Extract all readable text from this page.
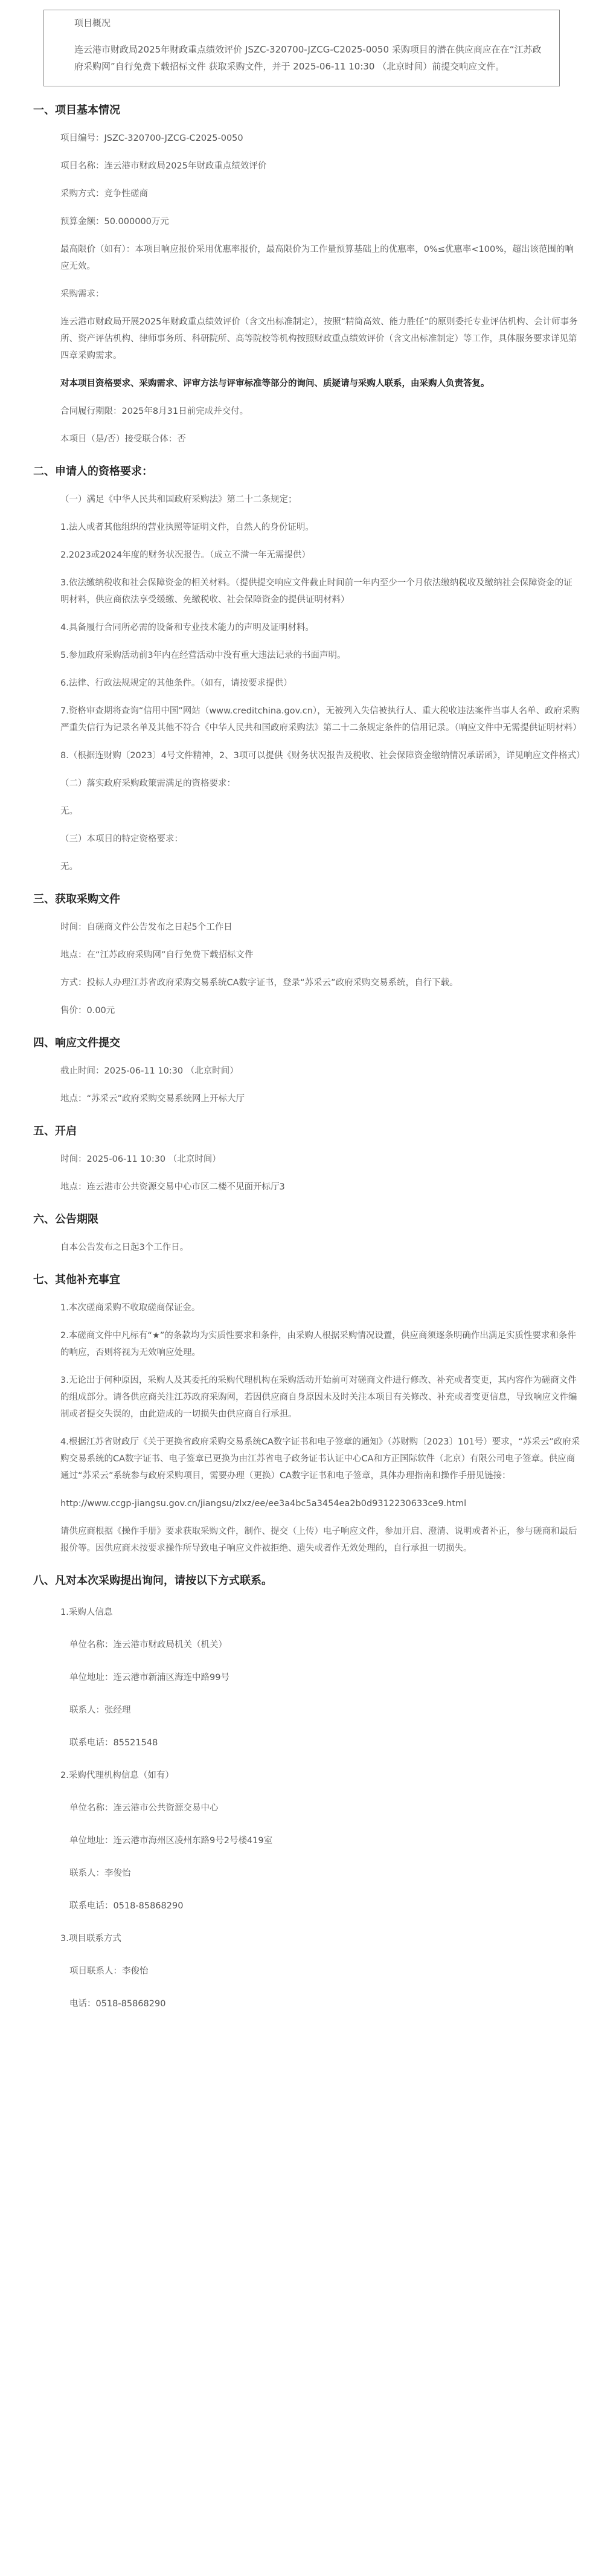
项目概况

连云港市财政局2025年财政重点绩效评价 JSZC-320700-JZCG-C2025-0050 采购项目的潜在供应商应在在“江苏政府采购网”自行免费下载招标文件 获取采购文件，并于 2025-06-11 10:30 （北京时间）前提交响应文件。

一、项目基本情况

项目编号：JSZC-320700-JZCG-C2025-0050

项目名称：连云港市财政局2025年财政重点绩效评价

采购方式：竞争性磋商

预算金额：50.000000万元

最高限价（如有）：本项目响应报价采用优惠率报价，最高限价为工作量预算基础上的优惠率，0%≤优惠率<100%，超出该范围的响应无效。

采购需求：

连云港市财政局开展2025年财政重点绩效评价（含文出标准制定），按照“精简高效、能力胜任”的原则委托专业评估机构、会计师事务所、资产评估机构、律师事务所、科研院所、高等院校等机构按照财政重点绩效评价（含文出标准制定）等工作，具体服务要求详见第四章采购需求。

对本项目资格要求、采购需求、评审方法与评审标准等部分的询问、质疑请与采购人联系，由采购人负责答复。

合同履行期限：2025年8月31日前完成并交付。

本项目（是/否）接受联合体：否

二、申请人的资格要求：

（一）满足《中华人民共和国政府采购法》第二十二条规定；

1.法人或者其他组织的营业执照等证明文件，自然人的身份证明。

2.2023或2024年度的财务状况报告。（成立不满一年无需提供）

3.依法缴纳税收和社会保障资金的相关材料。（提供提交响应文件截止时间前一年内至少一个月依法缴纳税收及缴纳社会保障资金的证明材料，供应商依法享受缓缴、免缴税收、社会保障资金的提供证明材料）

4.具备履行合同所必需的设备和专业技术能力的声明及证明材料。

5.参加政府采购活动前3年内在经营活动中没有重大违法记录的书面声明。

6.法律、行政法规规定的其他条件。（如有，请按要求提供）

7.资格审查期将查询“信用中国”网站（www.creditchina.gov.cn），无被列入失信被执行人、重大税收违法案件当事人名单、政府采购严重失信行为记录名单及其他不符合《中华人民共和国政府采购法》第二十二条规定条件的信用记录。（响应文件中无需提供证明材料）

8.（根据连财购〔2023〕4号文件精神，2、3项可以提供《财务状况报告及税收、社会保障资金缴纳情况承诺函》，详见响应文件格式）

（二）落实政府采购政策需满足的资格要求：

无。

（三）本项目的特定资格要求：

无。

三、获取采购文件

时间：自磋商文件公告发布之日起5个工作日

地点：在“江苏政府采购网”自行免费下载招标文件

方式：投标人办理江苏省政府采购交易系统CA数字证书，登录“苏采云”政府采购交易系统，自行下载。

售价：0.00元

四、响应文件提交

截止时间：2025-06-11 10:30 （北京时间）

地点：“苏采云”政府采购交易系统网上开标大厅

五、开启

时间：2025-06-11 10:30 （北京时间）

地点：连云港市公共资源交易中心市区二楼不见面开标厅3

六、公告期限

自本公告发布之日起3个工作日。

七、其他补充事宜

1.本次磋商采购不收取磋商保证金。

2.本磋商文件中凡标有“★”的条款均为实质性要求和条件，由采购人根据采购情况设置，供应商须逐条明确作出满足实质性要求和条件的响应，否则将视为无效响应处理。

3.无论出于何种原因，采购人及其委托的采购代理机构在采购活动开始前可对磋商文件进行修改、补充或者变更，其内容作为磋商文件的组成部分。请各供应商关注江苏政府采购网，若因供应商自身原因未及时关注本项目有关修改、补充或者变更信息，导致响应文件编制或者提交失误的，由此造成的一切损失由供应商自行承担。

4.根据江苏省财政厅《关于更换省政府采购交易系统CA数字证书和电子签章的通知》（苏财购〔2023〕101号）要求，“苏采云”政府采购交易系统的CA数字证书、电子签章已更换为由江苏省电子政务证书认证中心CA和方正国际软件（北京）有限公司电子签章。供应商通过“苏采云”系统参与政府采购项目，需要办理（更换）CA数字证书和电子签章，具体办理指南和操作手册见链接：

http://www.ccgp-jiangsu.gov.cn/jiangsu/zlxz/ee/ee3a4bc5a3454ea2b0d9312230633ce9.html

请供应商根据《操作手册》要求获取采购文件，制作、提交（上传）电子响应文件，参加开启、澄清、说明或者补正，参与磋商和最后报价等。因供应商未按要求操作所导致电子响应文件被拒绝、遗失或者作无效处理的，自行承担一切损失。

八、凡对本次采购提出询问，请按以下方式联系。

1.采购人信息

单位名称：连云港市财政局机关（机关）

单位地址：连云港市新浦区海连中路99号

联系人：张经理

联系电话：85521548

2.采购代理机构信息（如有）

单位名称：连云港市公共资源交易中心

单位地址：连云港市海州区凌州东路9号2号楼419室

联系人：李俊怡

联系电话：0518-85868290

3.项目联系方式

项目联系人：李俊怡

电话：0518-85868290
